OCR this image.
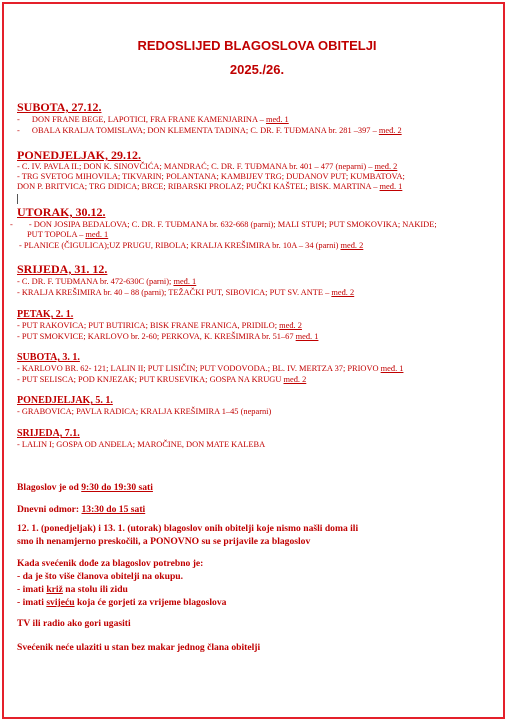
REDOSLIJED BLAGOSLOVA OBITELJI
2025./26.
SUBOTA, 27.12.
- DON FRANE BEGE, LAPOTICI, FRA FRANE KAMENJARINA – međ. 1
- OBALA KRALJA TOMISLAVA; DON KLEMENTA TADINA; C. DR. F. TUĐMANA br. 281 –397 – međ. 2
PONEDJELJAK, 29.12.
- C. IV. PAVLA II.; DON K. SINOVČIĆA; MANDRAĆ; C. DR. F. TUĐMANA br. 401 – 477 (neparni) – međ. 2
- TRG SVETOG MIHOVILA; TIKVARIN; POLANTANA; KAMBIJEV TRG; DUDANOV PUT; KUMBATOVA;
DON P. BRITVICA; TRG DIDICA; BRCE; RIBARSKI PROLAZ; PUČKI KAŠTEL; BISK. MARTINA – međ. 1
UTORAK, 30.12.
- - DON JOSIPA BEDALOVA; C. DR. F. TUĐMANA br. 632-668 (parni); MALI STUPI; PUT SMOKOVIKA; NAKIDE;
PUT TOPOLA – međ. 1
- PLANICE (ČIGULICA);UZ PRUGU, RIBOLA; KRALJA KREŠIMIRA br. 10A – 34 (parni) međ. 2
SRIJEDA, 31. 12.
- C. DR. F. TUĐMANA br. 472-630C (parni); međ. 1
- KRALJA KREŠIMIRA br. 40 – 88 (parni); TEŽAČKI PUT, SIBOVICA; PUT SV. ANTE – međ. 2
PETAK, 2. 1.
- PUT RAKOVICA; PUT BUTIRICA; BISK FRANE FRANICA, PRIDILO; međ. 2
- PUT SMOKVICE; KARLOVO br. 2-60; PERKOVA, K. KREŠIMIRA br. 51–67 međ. 1
SUBOTA, 3. 1.
- KARLOVO BR. 62- 121; LALIN II; PUT LISIČIN; PUT VODOVODA.; BL. IV. MERTZA 37; PRIOVO međ. 1
- PUT SELISCA; POD KNJEZAK; PUT KRUSEVIKA; GOSPA NA KRUGU međ. 2
PONEDJELJAK, 5. 1.
- GRABOVICA; PAVLA RADICA; KRALJA KREŠIMIRA 1–45 (neparni)
SRIJEDA, 7.1.
- LALIN I; GOSPA OD ANĐELA; MAROČINE, DON MATE KALEBA
Blagoslov je od 9:30 do 19:30 sati
Dnevni odmor: 13:30 do 15 sati
12. 1. (ponedjeljak) i 13. 1. (utorak) blagoslov onih obitelji koje nismo našli doma ili
smo ih nenamjerno preskočili, a PONOVNO su se prijavile za blagoslov
Kada svećenik dođe za blagoslov potrebno je:
- da je što više članova obitelji na okupu.
- imati križ na stolu ili zidu
- imati svijeću koja će gorjeti za vrijeme blagoslova
TV ili radio ako gori ugasiti
Svećenik neće ulaziti u stan bez makar jednog člana obitelji
